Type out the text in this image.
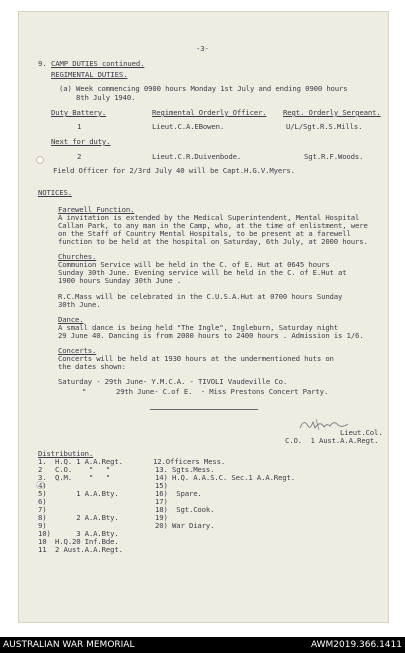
-3-
9. CAMP DUTIES continued.
REGIMENTAL DUTIES.
(a) Week commencing 0900 hours Monday 1st July and ending 0900 hours
8th July 1940.
Duty Battery.	Regimental Orderly Officer. Regt. Orderly Sergeant.
1	Lieut.C.A.EBowen.	U/L/Sgt.R.S.Mills.
Next for duty.
2	Lieut.C.R.Duivenbode.	Sgt.R.F.Woods.
Field Officer for 2/3rd July 40 will be Capt.H.G.V.Myers.
NOTICES.
Farewell Function.
A invitation is extended by the Medical Superintendent, Mental Hospital
Callan Park, to any man in the Camp, who, at the time of enlistment, were
on the Staff of Country Mental Hospitals, to be present at a farewell
function to be held at the hospital on Saturday, 6th July, at 2000 hours.
Churches.
Communion Service will be held in the C. of E. Hut at 0645 hours
Sunday 30th June. Evening service will be held in the C. of E.Hut at
1900 hours Sunday 30th June .
R.C.Mass will be celebrated in the C.U.S.A.Hut at 0700 hours Sunday
30th June.
Dance.
A small dance is being held "The Ingle", Ingleburn, Saturday night
29 June 40. Dancing is from 2000 hours to 2400 hours . Admission is 1/6.
Concerts.
Concerts will be held at 1930 hours at the undermentioned huts on
the dates shown:
Saturday - 29th June- Y.M.C.A. - TIVOLI Vaudeville Co.
"       29th June- C.of E.  - Miss Prestons Concert Party.
Lieut.Col.
C.O.  1 Aust.A.A.Regt.
Distribution.
1.  H.Q. 1 A.A.Regt.
2   C.O.    "   "
3.  Q.M.    "   "
4)
5)       1 A.A.Bty.
6)
7)
8)       2 A.A.Bty.
9)
10)      3 A.A.Bty.
10  H.Q.20 Inf.Bde.
11  2 Aust.A.A.Regt.
12.Officers Mess.
13. Sgts.Mess.
14) H.Q. A.A.S.C. Sec.1 A.A.Regt.
15)
16)  Spare.
17)
18)  Sgt.Cook.
19)
20) War Diary.
AUSTRALIAN WAR MEMORIAL	AWM2019.366.1411
